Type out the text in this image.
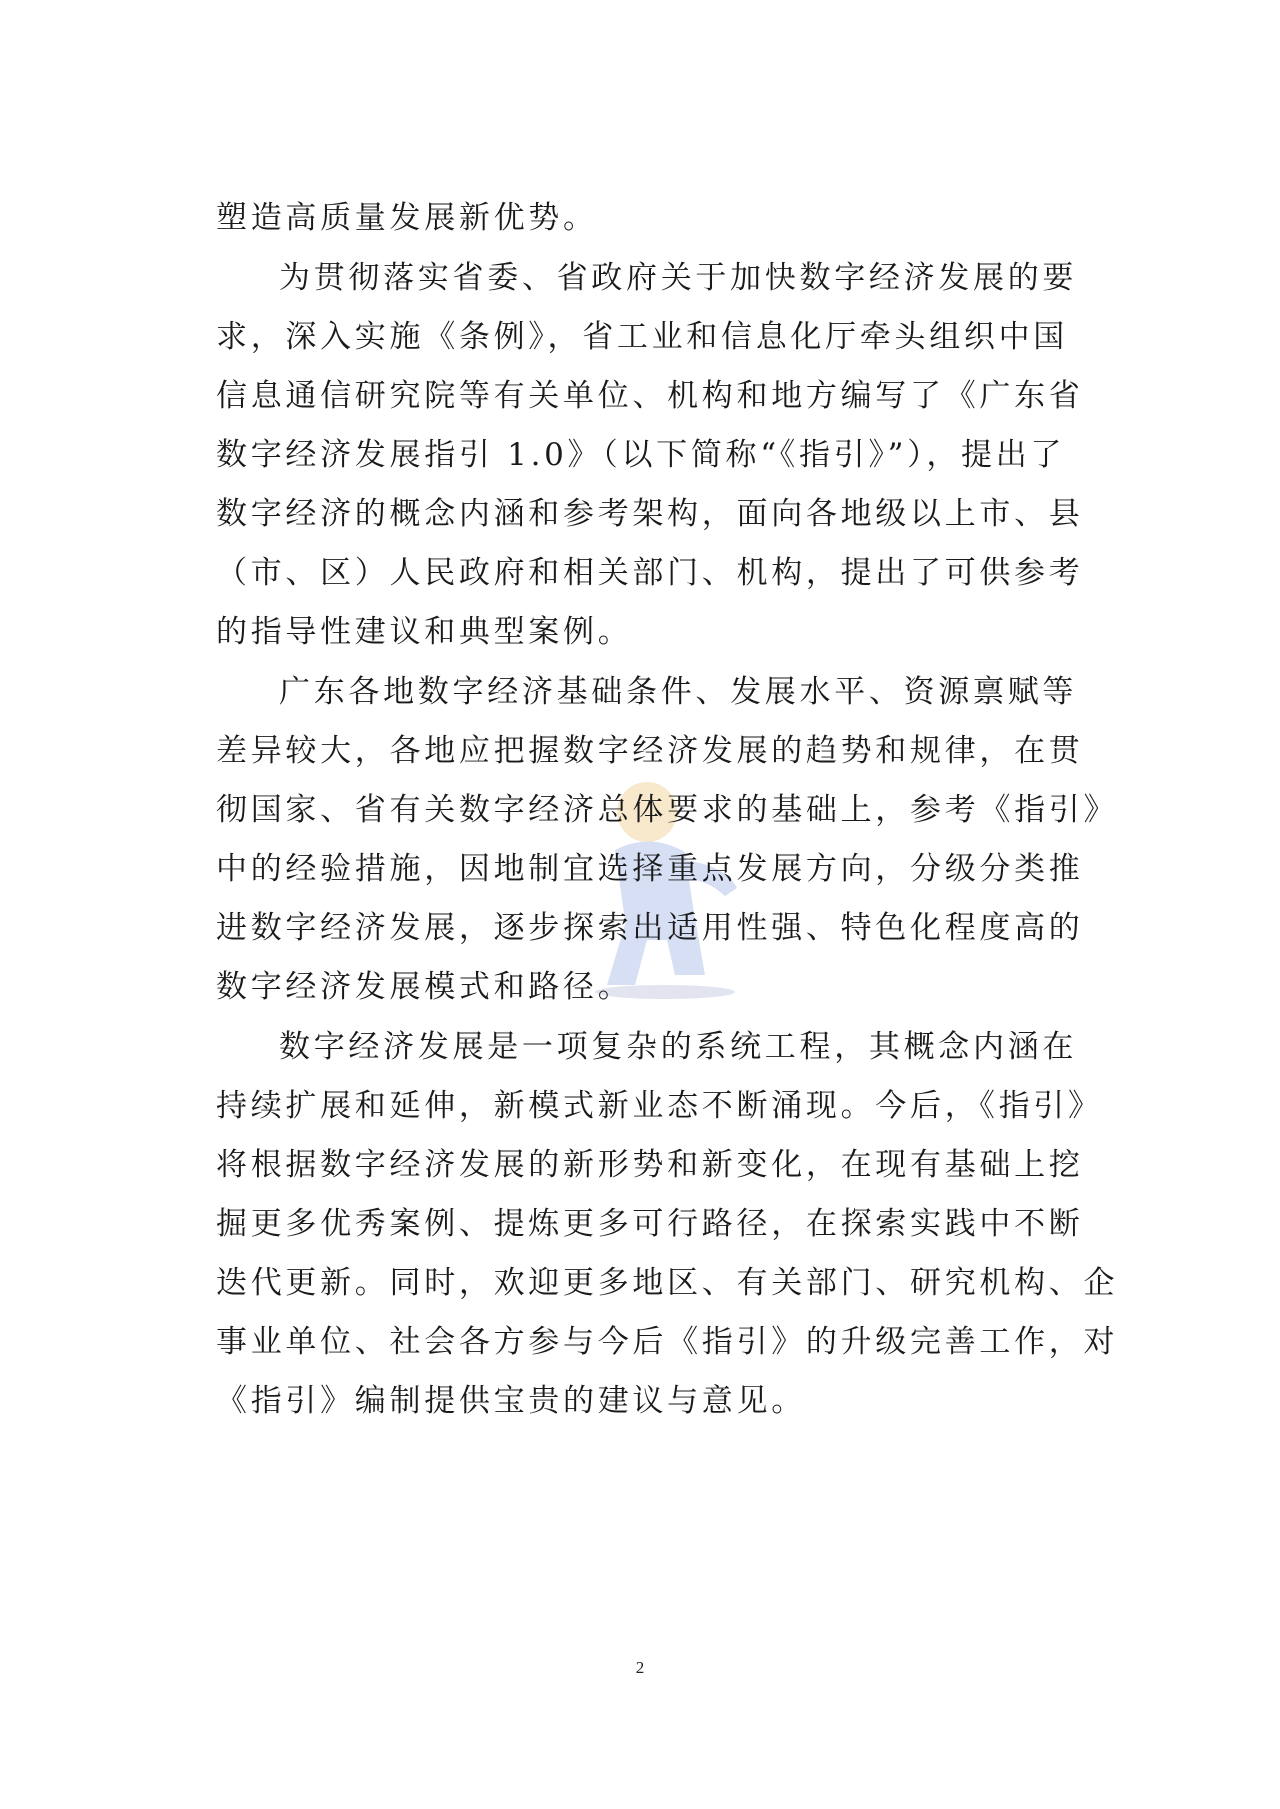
塑造高质量发展新优势。
为贯彻落实省委、省政府关于加快数字经济发展的要
求，深入实施《条例》，省工业和信息化厅牵头组织中国
信息通信研究院等有关单位、机构和地方编写了《广东省
数字经济发展指引 1.0》（以下简称“《指引》”），提出了
数字经济的概念内涵和参考架构，面向各地级以上市、县
（市、区）人民政府和相关部门、机构，提出了可供参考
的指导性建议和典型案例。
广东各地数字经济基础条件、发展水平、资源禀赋等
差异较大，各地应把握数字经济发展的趋势和规律，在贯
彻国家、省有关数字经济总体要求的基础上，参考《指引》
中的经验措施，因地制宜选择重点发展方向，分级分类推
进数字经济发展，逐步探索出适用性强、特色化程度高的
数字经济发展模式和路径。
数字经济发展是一项复杂的系统工程，其概念内涵在
持续扩展和延伸，新模式新业态不断涌现。今后，《指引》
将根据数字经济发展的新形势和新变化，在现有基础上挖
掘更多优秀案例、提炼更多可行路径，在探索实践中不断
迭代更新。同时，欢迎更多地区、有关部门、研究机构、企
事业单位、社会各方参与今后《指引》的升级完善工作，对
《指引》编制提供宝贵的建议与意见。
2
